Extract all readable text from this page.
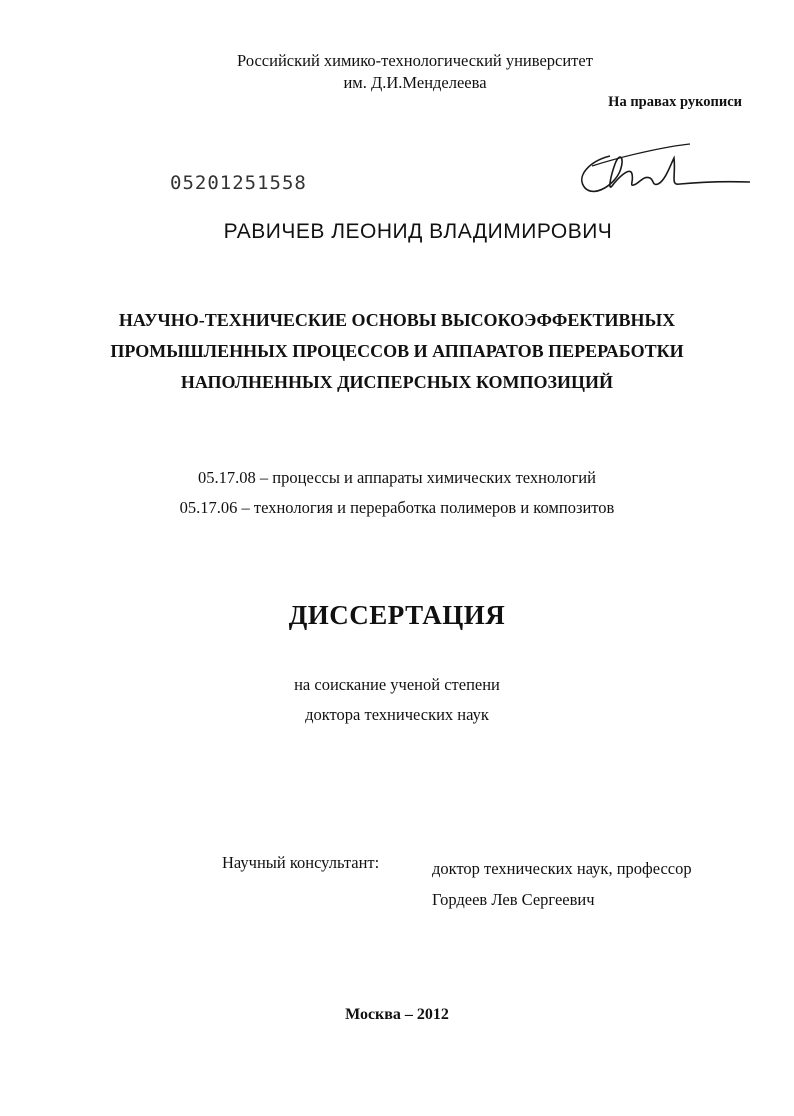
Российский химико-технологический университет
им. Д.И.Менделеева
На правах рукописи
05201251558
РАВИЧЕВ ЛЕОНИД ВЛАДИМИРОВИЧ
НАУЧНО-ТЕХНИЧЕСКИЕ ОСНОВЫ ВЫСОКОЭФФЕКТИВНЫХ
ПРОМЫШЛЕННЫХ ПРОЦЕССОВ И АППАРАТОВ ПЕРЕРАБОТКИ
НАПОЛНЕННЫХ ДИСПЕРСНЫХ КОМПОЗИЦИЙ
05.17.08 – процессы и аппараты химических технологий
05.17.06 – технология и переработка полимеров и композитов
ДИССЕРТАЦИЯ
на соискание ученой степени
доктора технических наук
Научный консультант:	доктор технических наук, профессор
Гордеев Лев Сергеевич
Москва – 2012
